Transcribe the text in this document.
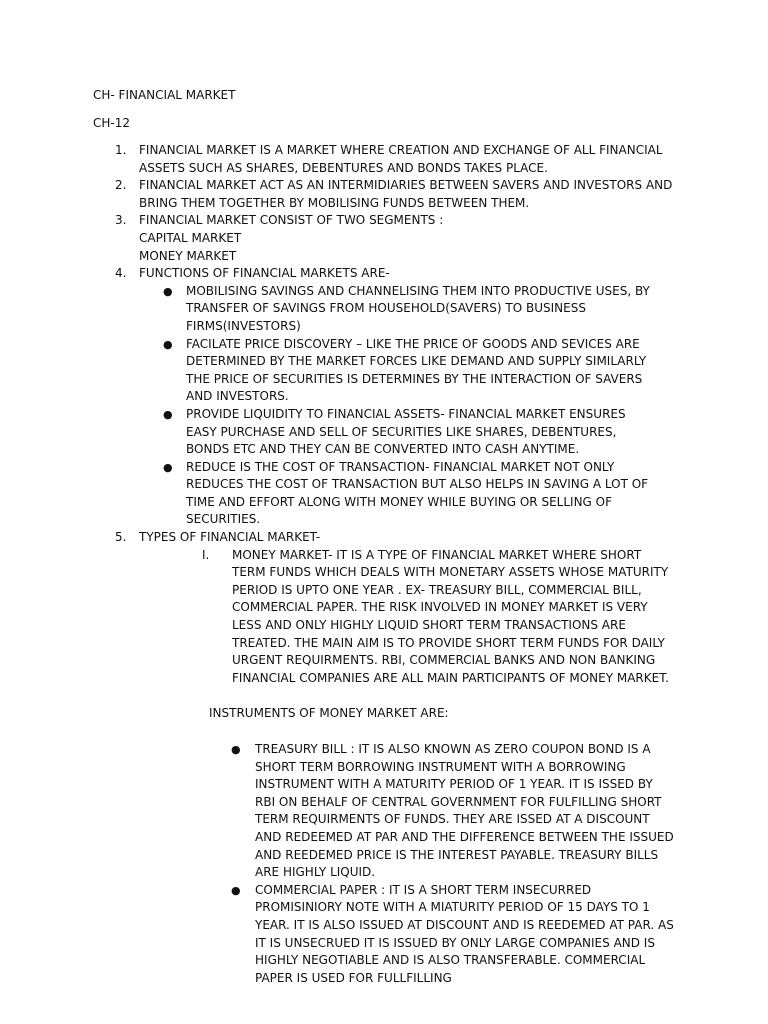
CH- FINANCIAL MARKET

CH-12

1. FINANCIAL MARKET IS A MARKET WHERE CREATION AND EXCHANGE OF ALL FINANCIAL ASSETS SUCH AS SHARES, DEBENTURES AND BONDS TAKES PLACE.
2. FINANCIAL MARKET ACT AS AN INTERMIDIARIES BETWEEN SAVERS AND INVESTORS AND BRING THEM TOGETHER BY MOBILISING FUNDS BETWEEN THEM.
3. FINANCIAL MARKET CONSIST OF TWO SEGMENTS :
CAPITAL MARKET
MONEY MARKET
4. FUNCTIONS OF FINANCIAL MARKETS ARE-
● MOBILISING SAVINGS AND CHANNELISING THEM INTO PRODUCTIVE USES, BY TRANSFER OF SAVINGS FROM HOUSEHOLD(SAVERS) TO BUSINESS FIRMS(INVESTORS)
● FACILATE PRICE DISCOVERY – LIKE THE PRICE OF GOODS AND SEVICES ARE DETERMINED BY THE MARKET FORCES LIKE DEMAND AND SUPPLY SIMILARLY THE PRICE OF SECURITIES IS DETERMINES BY THE INTERACTION OF SAVERS AND INVESTORS.
● PROVIDE LIQUIDITY TO FINANCIAL ASSETS- FINANCIAL MARKET ENSURES EASY PURCHASE AND SELL OF SECURITIES LIKE SHARES, DEBENTURES, BONDS ETC AND THEY CAN BE CONVERTED INTO CASH ANYTIME.
● REDUCE IS THE COST OF TRANSACTION- FINANCIAL MARKET NOT ONLY REDUCES THE COST OF TRANSACTION BUT ALSO HELPS IN SAVING A LOT OF TIME AND EFFORT ALONG WITH MONEY WHILE BUYING OR SELLING OF SECURITIES.
5. TYPES OF FINANCIAL MARKET-
I. MONEY MARKET- IT IS A TYPE OF FINANCIAL MARKET WHERE SHORT TERM FUNDS WHICH DEALS WITH MONETARY ASSETS WHOSE MATURITY PERIOD IS UPTO ONE YEAR . EX- TREASURY BILL, COMMERCIAL BILL, COMMERCIAL PAPER. THE RISK INVOLVED IN MONEY MARKET IS VERY LESS AND ONLY HIGHLY LIQUID SHORT TERM TRANSACTIONS ARE TREATED. THE MAIN AIM IS TO PROVIDE SHORT TERM FUNDS FOR DAILY URGENT REQUIRMENTS. RBI, COMMERCIAL BANKS AND NON BANKING FINANCIAL COMPANIES ARE ALL MAIN PARTICIPANTS OF MONEY MARKET.
INSTRUMENTS OF MONEY MARKET ARE:
● TREASURY BILL : IT IS ALSO KNOWN AS ZERO COUPON BOND IS A SHORT TERM BORROWING INSTRUMENT WITH A BORROWING INSTRUMENT WITH A MATURITY PERIOD OF 1 YEAR. IT IS ISSED BY RBI ON BEHALF OF CENTRAL GOVERNMENT FOR FULFILLING SHORT TERM REQUIRMENTS OF FUNDS. THEY ARE ISSED AT A DISCOUNT AND REDEEMED AT PAR AND THE DIFFERENCE BETWEEN THE ISSUED AND REEDEMED PRICE IS THE INTEREST PAYABLE. TREASURY BILLS ARE HIGHLY LIQUID.
● COMMERCIAL PAPER : IT IS A SHORT TERM INSECURRED PROMISINIORY NOTE WITH A MIATURITY PERIOD OF 15 DAYS TO 1 YEAR. IT IS ALSO ISSUED AT DISCOUNT AND IS REEDEMED AT PAR. AS IT IS UNSECRUED IT IS ISSUED BY ONLY LARGE COMPANIES AND IS HIGHLY NEGOTIABLE AND IS ALSO TRANSFERABLE. COMMERCIAL PAPER IS USED FOR FULLFILLING
